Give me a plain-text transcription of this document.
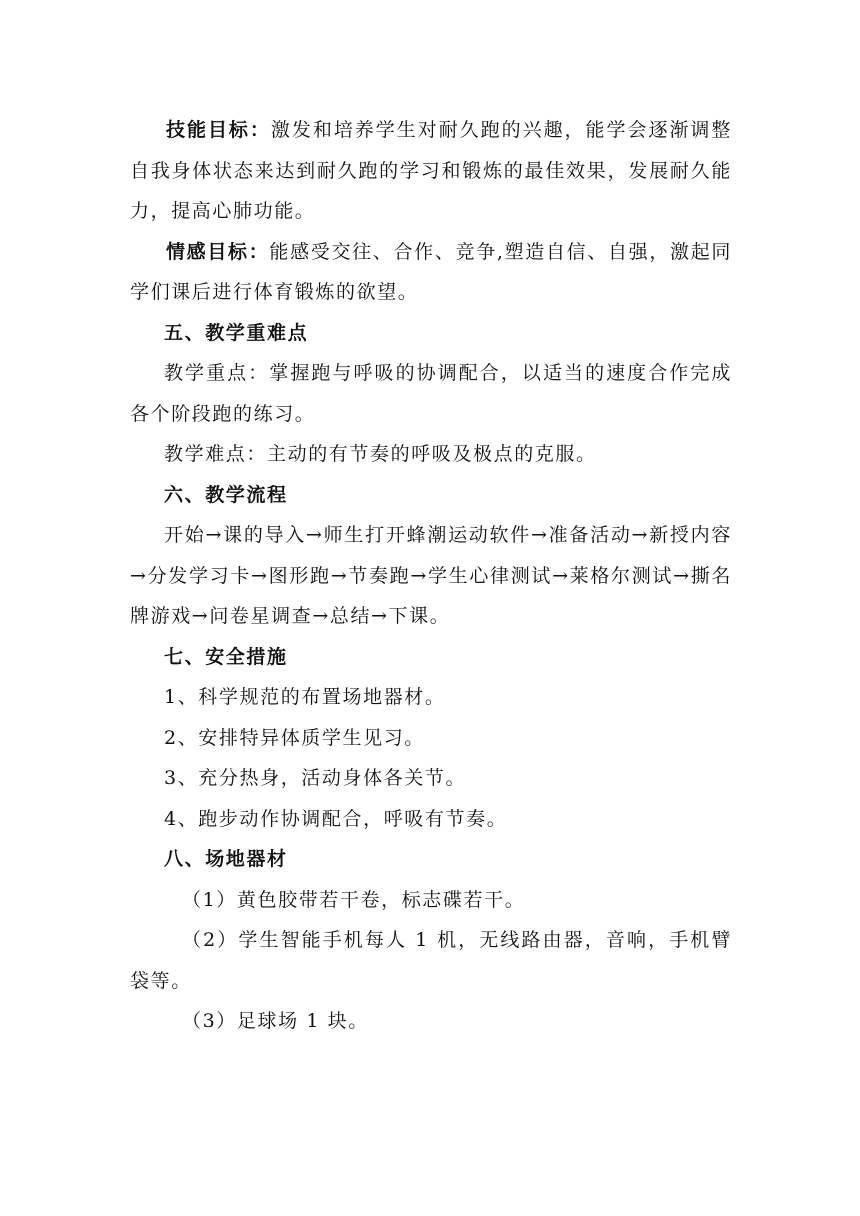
技能目标：激发和培养学生对耐久跑的兴趣，能学会逐渐调整自我身体状态来达到耐久跑的学习和锻炼的最佳效果，发展耐久能力，提高心肺功能。

情感目标：能感受交往、合作、竞争,塑造自信、自强，激起同学们课后进行体育锻炼的欲望。

五、教学重难点

教学重点：掌握跑与呼吸的协调配合，以适当的速度合作完成各个阶段跑的练习。

教学难点：主动的有节奏的呼吸及极点的克服。

六、教学流程

开始→课的导入→师生打开蜂潮运动软件→准备活动→新授内容→分发学习卡→图形跑→节奏跑→学生心律测试→莱格尔测试→撕名牌游戏→问卷星调查→总结→下课。

七、安全措施

1、科学规范的布置场地器材。

2、安排特异体质学生见习。

3、充分热身，活动身体各关节。

4、跑步动作协调配合，呼吸有节奏。

八、场地器材

（1）黄色胶带若干卷，标志碟若干。

（2）学生智能手机每人 1 机，无线路由器，音响，手机臂袋等。

（3）足球场 1 块。
